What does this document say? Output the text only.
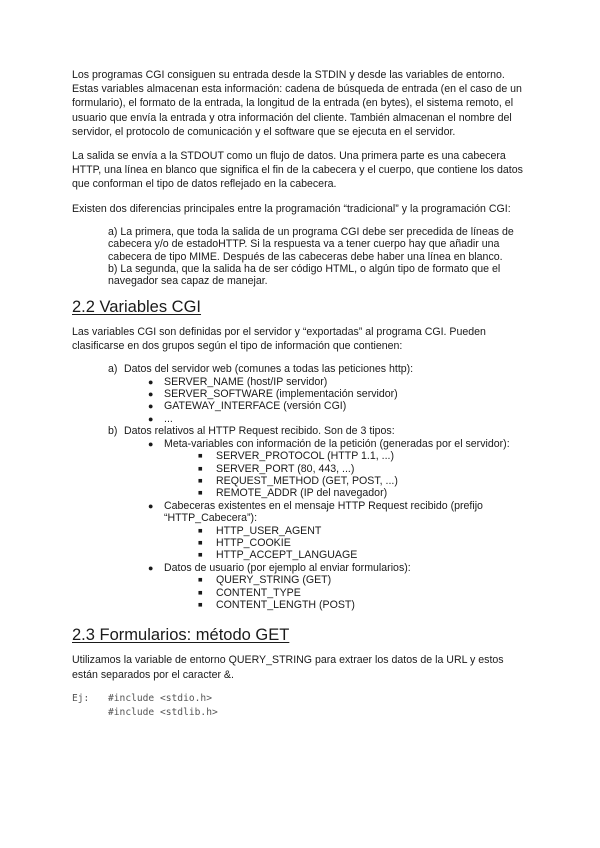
Los programas CGI consiguen su entrada desde la STDIN y desde las variables de entorno. Estas variables almacenan esta información: cadena de búsqueda de entrada (en el caso de un formulario), el formato de la entrada, la longitud de la entrada (en bytes), el sistema remoto, el usuario que envía la entrada y otra información del cliente. También almacenan el nombre del servidor, el protocolo de comunicación y el software que se ejecuta en el servidor.

La salida se envía a la STDOUT como un flujo de datos. Una primera parte es una cabecera HTTP, una línea en blanco que significa el fin de la cabecera y el cuerpo, que contiene los datos que conforman el tipo de datos reflejado en la cabecera.

Existen dos diferencias principales entre la programación “tradicional” y la programación CGI:

a) La primera, que toda la salida de un programa CGI debe ser precedida de líneas de cabecera y/o de estadoHTTP. Si la respuesta va a tener cuerpo hay que añadir una cabecera de tipo MIME. Después de las cabeceras debe haber una línea en blanco.

b) La segunda, que la salida ha de ser código HTML, o algún tipo de formato que el navegador sea capaz de manejar.

2.2 Variables CGI

Las variables CGI son definidas por el servidor y “exportadas” al programa CGI. Pueden clasificarse en dos grupos según el tipo de información que contienen:

a) Datos del servidor web (comunes a todas las peticiones http):
● SERVER_NAME (host/IP servidor)
● SERVER_SOFTWARE (implementación servidor)
● GATEWAY_INTERFACE (versión CGI)
● ...
b) Datos relativos al HTTP Request recibido. Son de 3 tipos:
● Meta-variables con información de la petición (generadas por el servidor):
■ SERVER_PROTOCOL (HTTP 1.1, ...)
■ SERVER_PORT (80, 443, ...)
■ REQUEST_METHOD (GET, POST, ...)
■ REMOTE_ADDR (IP del navegador)
● Cabeceras existentes en el mensaje HTTP Request recibido (prefijo
“HTTP_Cabecera”):
■ HTTP_USER_AGENT
■ HTTP_COOKIE
■ HTTP_ACCEPT_LANGUAGE
● Datos de usuario (por ejemplo al enviar formularios):
■ QUERY_STRING (GET)
■ CONTENT_TYPE
■ CONTENT_LENGTH (POST)
2.3 Formularios: método GET

Utilizamos la variable de entorno QUERY_STRING para extraer los datos de la URL y estos están separados por el caracter &.

Ej: #include <stdio.h>
#include <stdlib.h>
